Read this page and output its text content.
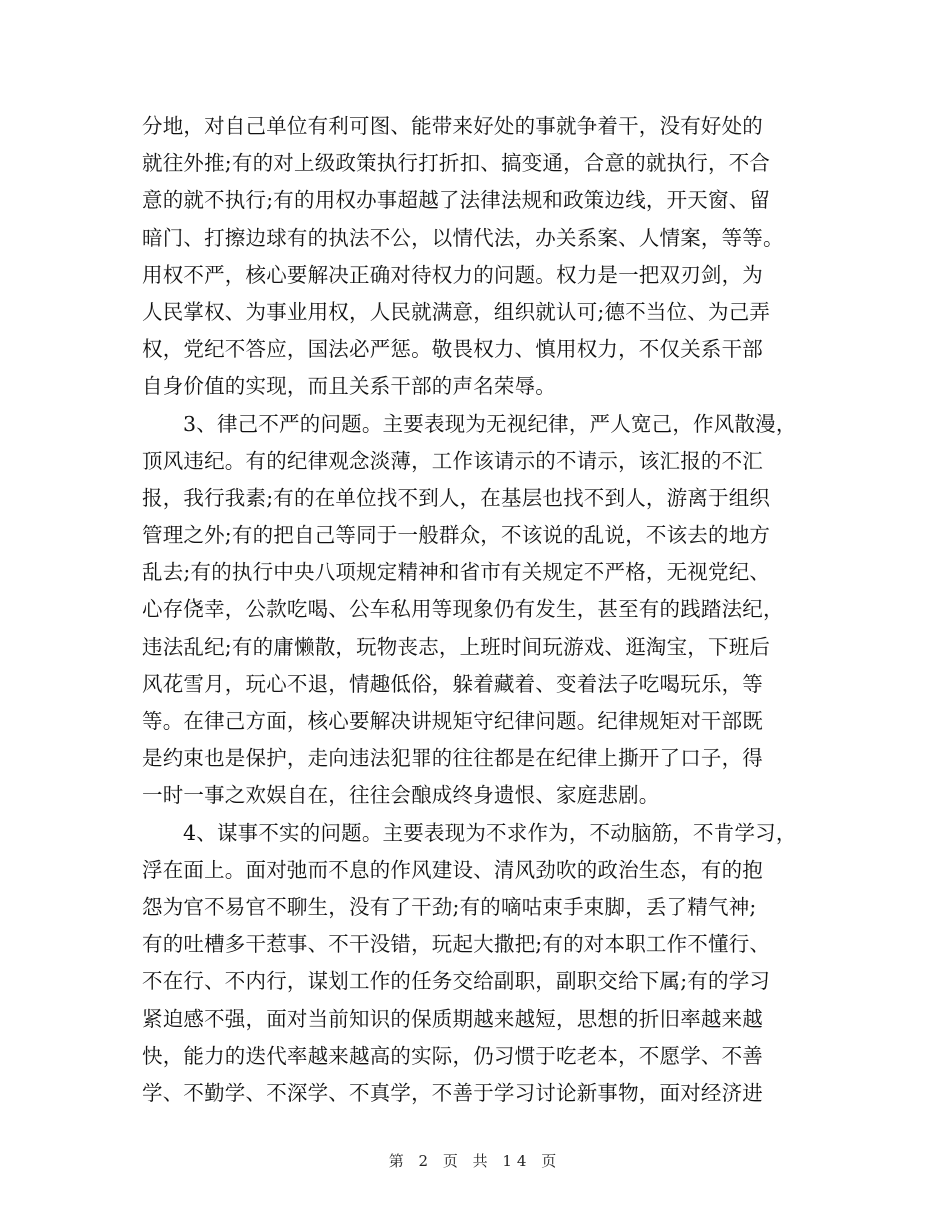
分地，对自己单位有利可图、能带来好处的事就争着干，没有好处的
就往外推;有的对上级政策执行打折扣、搞变通，合意的就执行，不合
意的就不执行;有的用权办事超越了法律法规和政策边线，开天窗、留
暗门、打擦边球有的执法不公，以情代法，办关系案、人情案，等等。
用权不严，核心要解决正确对待权力的问题。权力是一把双刃剑，为
人民掌权、为事业用权，人民就满意，组织就认可;德不当位、为己弄
权，党纪不答应，国法必严惩。敬畏权力、慎用权力，不仅关系干部
自身价值的实现，而且关系干部的声名荣辱。
3、律己不严的问题。主要表现为无视纪律，严人宽己，作风散漫，
顶风违纪。有的纪律观念淡薄，工作该请示的不请示，该汇报的不汇
报，我行我素;有的在单位找不到人，在基层也找不到人，游离于组织
管理之外;有的把自己等同于一般群众，不该说的乱说，不该去的地方
乱去;有的执行中央八项规定精神和省市有关规定不严格，无视党纪、
心存侥幸，公款吃喝、公车私用等现象仍有发生，甚至有的践踏法纪，
违法乱纪;有的庸懒散，玩物丧志，上班时间玩游戏、逛淘宝，下班后
风花雪月，玩心不退，情趣低俗，躲着藏着、变着法子吃喝玩乐，等
等。在律己方面，核心要解决讲规矩守纪律问题。纪律规矩对干部既
是约束也是保护，走向违法犯罪的往往都是在纪律上撕开了口子，得
一时一事之欢娱自在，往往会酿成终身遗恨、家庭悲剧。
4、谋事不实的问题。主要表现为不求作为，不动脑筋，不肯学习，
浮在面上。面对弛而不息的作风建设、清风劲吹的政治生态，有的抱
怨为官不易官不聊生，没有了干劲;有的嘀咕束手束脚，丢了精气神;
有的吐槽多干惹事、不干没错，玩起大撒把;有的对本职工作不懂行、
不在行、不内行，谋划工作的任务交给副职，副职交给下属;有的学习
紧迫感不强，面对当前知识的保质期越来越短，思想的折旧率越来越
快，能力的迭代率越来越高的实际，仍习惯于吃老本，不愿学、不善
学、不勤学、不深学、不真学，不善于学习讨论新事物，面对经济进
第 2 页 共 14 页
